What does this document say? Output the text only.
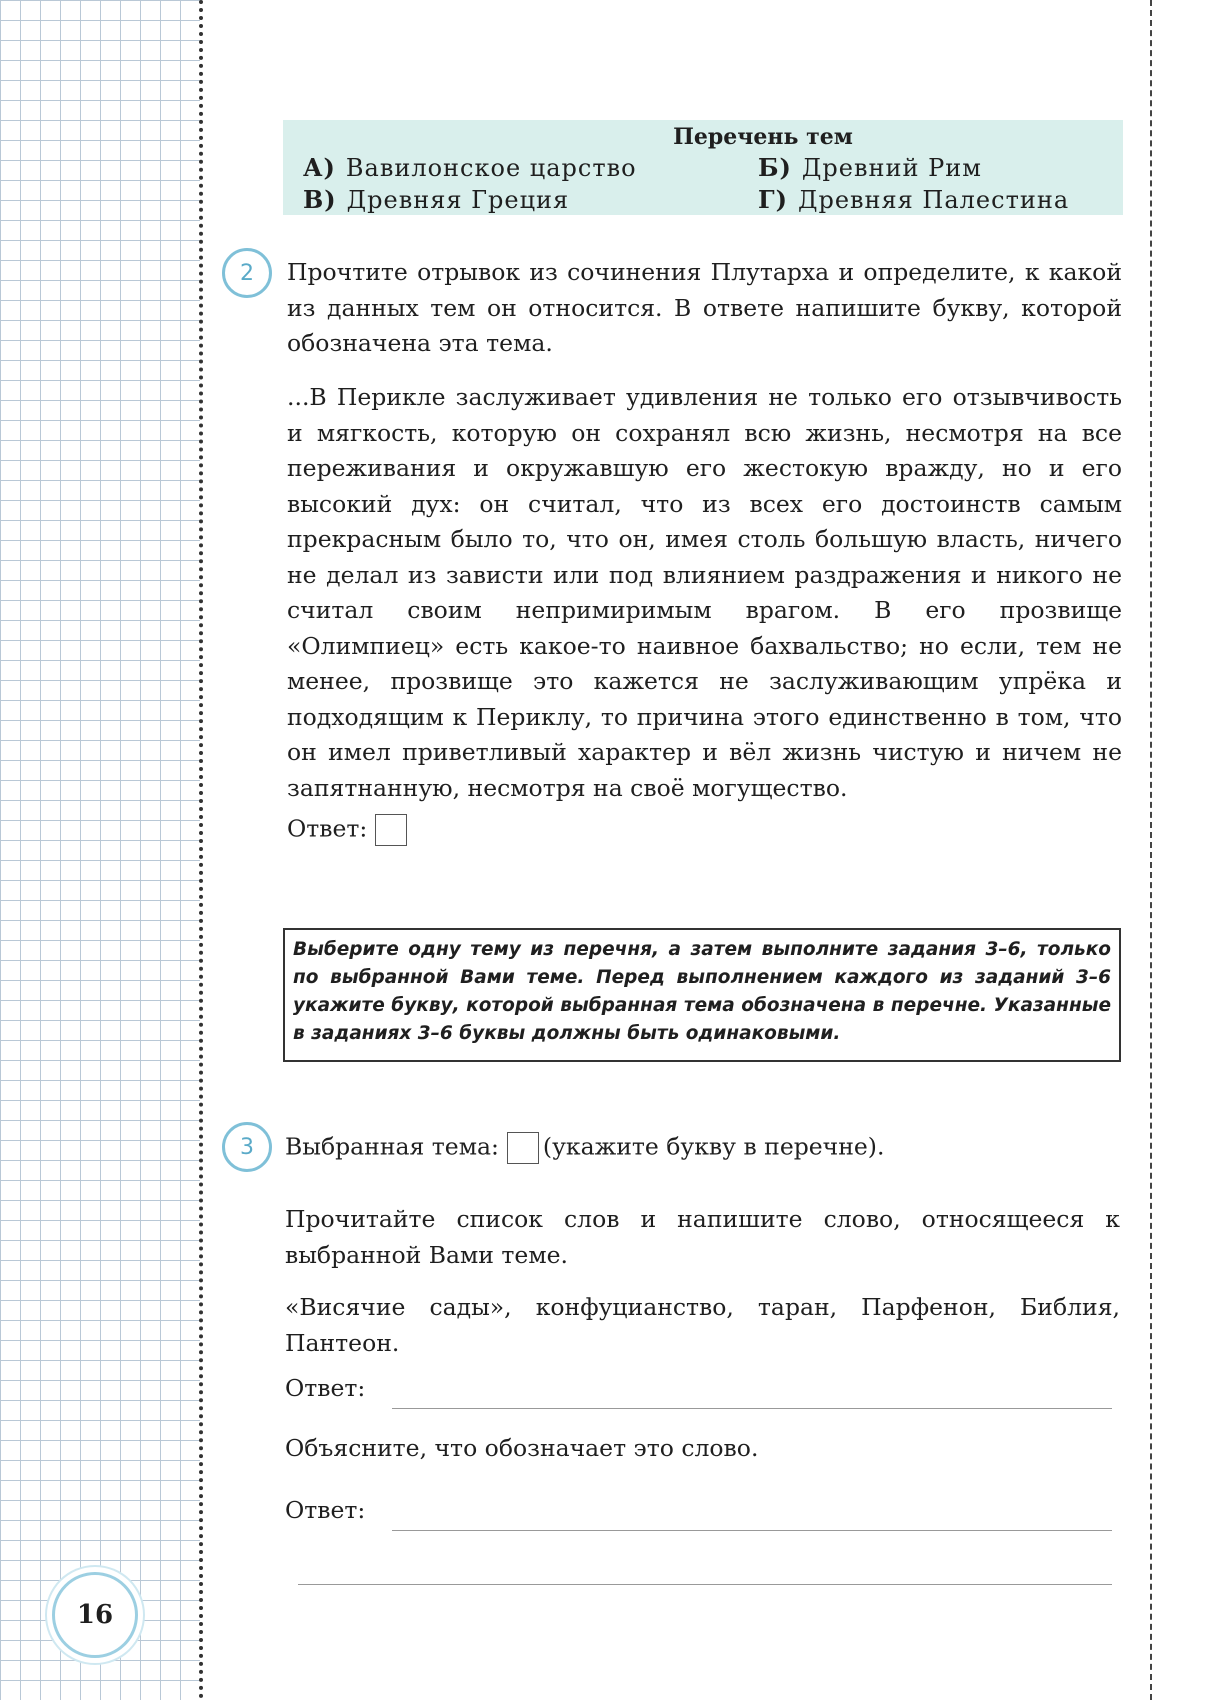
16
Перечень тем
А) Вавилонское царство	Б) Древний Рим
В) Древняя Греция	Г) Древняя Палестина
2	Прочтите отрывок из сочинения Плутарха и определите, к какой из данных тем он относится. В ответе напишите букву, которой обозначена эта тема.
...В Перикле заслуживает удивления не только его отзывчивость и мягкость, которую он сохранял всю жизнь, несмотря на все переживания и окружавшую его жестокую вражду, но и его высокий дух: он считал, что из всех его достоинств самым прекрасным было то, что он, имея столь большую власть, ничего не делал из зависти или под влиянием раздражения и никого не считал своим непримиримым врагом. В его прозвище «Олимпиец» есть какое-то наивное бахвальство; но если, тем не менее, прозвище это кажется не заслуживающим упрёка и подходящим к Периклу, то причина этого единственно в том, что он имел приветливый характер и вёл жизнь чистую и ничем не запятнанную, несмотря на своё могущество.
Ответ:
Выберите одну тему из перечня, а затем выполните задания 3–6, только по выбранной Вами теме. Перед выполнением каждого из заданий 3–6 укажите букву, которой выбранная тема обозначена в перечне. Указанные в заданиях 3–6 буквы должны быть одинаковыми.
3	Выбранная тема: (укажите букву в перечне).
Прочитайте список слов и напишите слово, относящееся к выбранной Вами теме.
«Висячие сады», конфуцианство, таран, Парфенон, Библия, Пантеон.
Ответ:
Объясните, что обозначает это слово.
Ответ:
